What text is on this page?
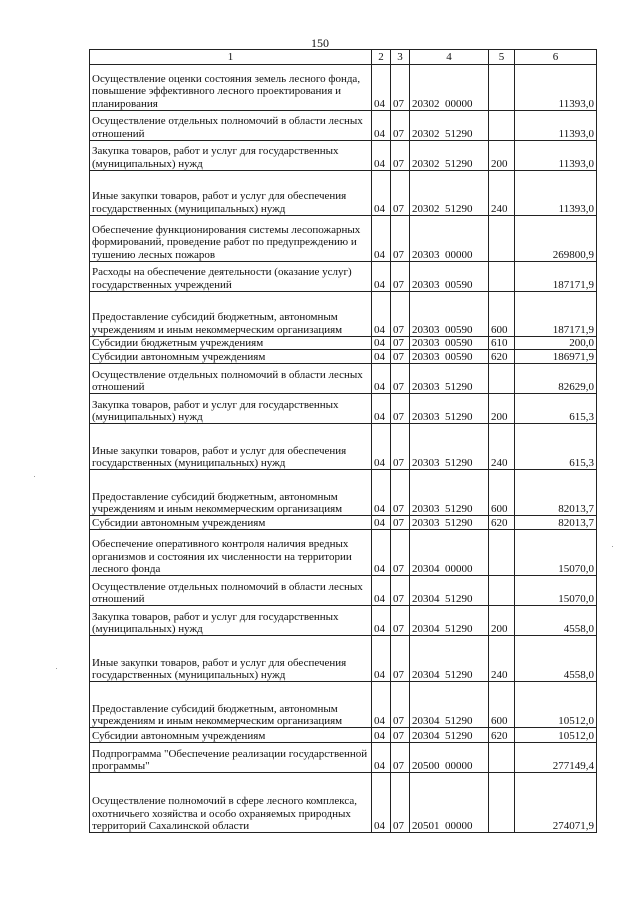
150
1	2	3	4	5	6
Осуществление оценки состояния земель лесного фонда, повышение эффективного лесного проектирования и планирования	04	07	20302  00000		11393,0
Осуществление отдельных полномочий в области лесных отношений	04	07	20302  51290		11393,0
Закупка товаров, работ и услуг для государственных (муниципальных) нужд	04	07	20302  51290	200	11393,0
Иные закупки товаров, работ и услуг для обеспечения государственных (муниципальных) нужд	04	07	20302  51290	240	11393,0
Обеспечение функционирования системы лесопожарных формирований, проведение работ по предупреждению и тушению лесных пожаров	04	07	20303  00000		269800,9
Расходы на обеспечение деятельности (оказание услуг) государственных учреждений	04	07	20303  00590		187171,9
Предоставление субсидий бюджетным, автономным учреждениям и иным некоммерческим организациям	04	07	20303  00590	600	187171,9
Субсидии бюджетным учреждениям	04	07	20303  00590	610	200,0
Субсидии автономным учреждениям	04	07	20303  00590	620	186971,9
Осуществление отдельных полномочий в области лесных отношений	04	07	20303  51290		82629,0
Закупка товаров, работ и услуг для государственных (муниципальных) нужд	04	07	20303  51290	200	615,3
Иные закупки товаров, работ и услуг для обеспечения государственных (муниципальных) нужд	04	07	20303  51290	240	615,3
Предоставление субсидий бюджетным, автономным учреждениям и иным некоммерческим организациям	04	07	20303  51290	600	82013,7
Субсидии автономным учреждениям	04	07	20303  51290	620	82013,7
Обеспечение оперативного контроля наличия вредных организмов и состояния их численности на территории лесного фонда	04	07	20304  00000		15070,0
Осуществление отдельных полномочий в области лесных отношений	04	07	20304  51290		15070,0
Закупка товаров, работ и услуг для государственных (муниципальных) нужд	04	07	20304  51290	200	4558,0
Иные закупки товаров, работ и услуг для обеспечения государственных (муниципальных) нужд	04	07	20304  51290	240	4558,0
Предоставление субсидий бюджетным, автономным учреждениям и иным некоммерческим организациям	04	07	20304  51290	600	10512,0
Субсидии автономным учреждениям	04	07	20304  51290	620	10512,0
Подпрограмма "Обеспечение реализации государственной программы"	04	07	20500  00000		277149,4
Осуществление полномочий в сфере лесного комплекса, охотничьего хозяйства и особо охраняемых природных территорий Сахалинской области	04	07	20501  00000		274071,9
